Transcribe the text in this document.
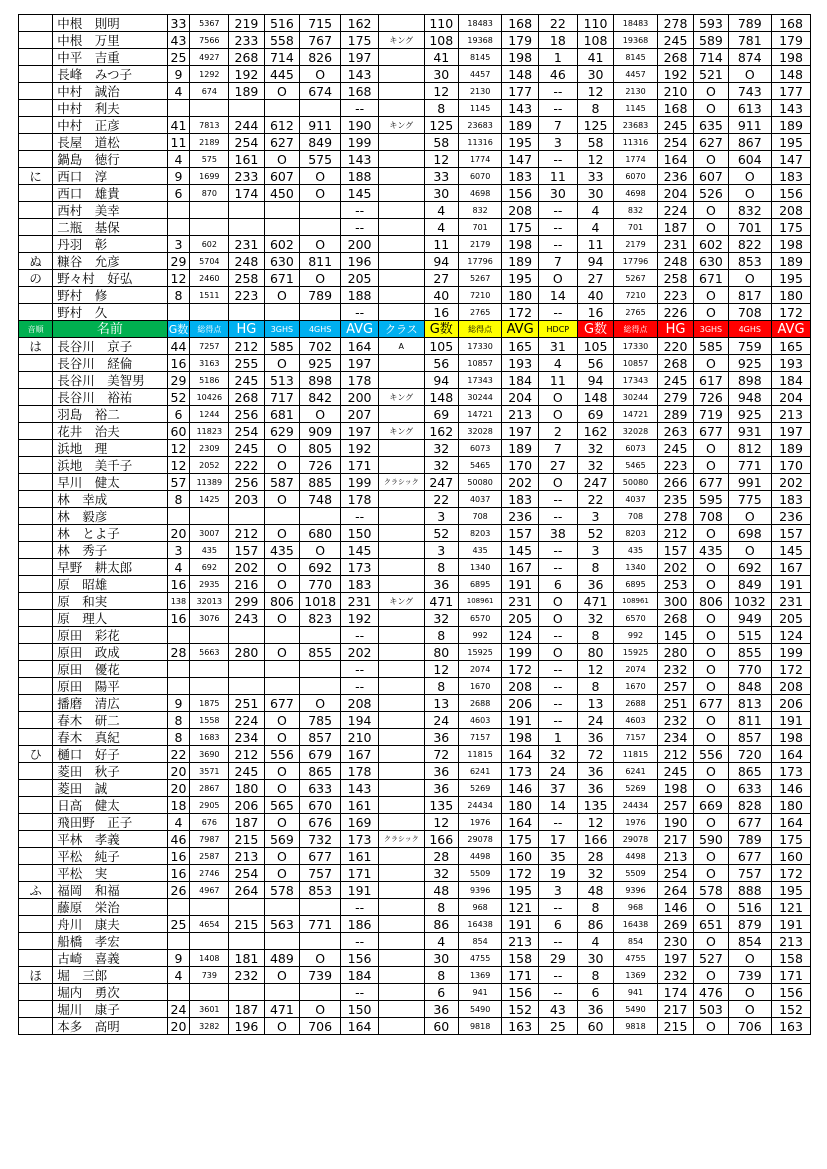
	中根　則明	33	5367	219	516	715	162		110	18483	168	22	110	18483	278	593	789	168
	中根　万里	43	7566	233	558	767	175	キング	108	19368	179	18	108	19368	245	589	781	179
	中平　吉重	25	4927	268	714	826	197		41	8145	198	1	41	8145	268	714	874	198
	長峰　みつ子	9	1292	192	445	O	143		30	4457	148	46	30	4457	192	521	O	148
	中村　誠治	4	674	189	O	674	168		12	2130	177	--	12	2130	210	O	743	177
	中村　利夫						--		8	1145	143	--	8	1145	168	O	613	143
	中村　正彦	41	7813	244	612	911	190	キング	125	23683	189	7	125	23683	245	635	911	189
	長屋　道松	11	2189	254	627	849	199		58	11316	195	3	58	11316	254	627	867	195
	鍋島　徳行	4	575	161	O	575	143		12	1774	147	--	12	1774	164	O	604	147
に	西口　淳	9	1699	233	607	O	188		33	6070	183	11	33	6070	236	607	O	183
	西口　雄貴	6	870	174	450	O	145		30	4698	156	30	30	4698	204	526	O	156
	西村　美幸						--		4	832	208	--	4	832	224	O	832	208
	二瓶　基保						--		4	701	175	--	4	701	187	O	701	175
	丹羽　彰	3	602	231	602	O	200		11	2179	198	--	11	2179	231	602	822	198
ぬ	糠谷　允彦	29	5704	248	630	811	196		94	17796	189	7	94	17796	248	630	853	189
の	野々村　好弘	12	2460	258	671	O	205		27	5267	195	O	27	5267	258	671	O	195
	野村　修	8	1511	223	O	789	188		40	7210	180	14	40	7210	223	O	817	180
	野村　久						--		16	2765	172	--	16	2765	226	O	708	172
音順	名前	G数	総得点	HG	3GHS	4GHS	AVG	クラス	G数	総得点	AVG	HDCP	G数	総得点	HG	3GHS	4GHS	AVG
は	長谷川　京子	44	7257	212	585	702	164	A	105	17330	165	31	105	17330	220	585	759	165
	長谷川　経倫	16	3163	255	O	925	197		56	10857	193	4	56	10857	268	O	925	193
	長谷川　美智男	29	5186	245	513	898	178		94	17343	184	11	94	17343	245	617	898	184
	長谷川　裕祐	52	10426	268	717	842	200	キング	148	30244	204	O	148	30244	279	726	948	204
	羽島　裕二	6	1244	256	681	O	207		69	14721	213	O	69	14721	289	719	925	213
	花井　治夫	60	11823	254	629	909	197	キング	162	32028	197	2	162	32028	263	677	931	197
	浜地　理	12	2309	245	O	805	192		32	6073	189	7	32	6073	245	O	812	189
	浜地　美千子	12	2052	222	O	726	171		32	5465	170	27	32	5465	223	O	771	170
	早川　健太	57	11389	256	587	885	199	クラシック	247	50080	202	O	247	50080	266	677	991	202
	林　幸成	8	1425	203	O	748	178		22	4037	183	--	22	4037	235	595	775	183
	林　毅彦						--		3	708	236	--	3	708	278	708	O	236
	林　とよ子	20	3007	212	O	680	150		52	8203	157	38	52	8203	212	O	698	157
	林　秀子	3	435	157	435	O	145		3	435	145	--	3	435	157	435	O	145
	早野　耕太郎	4	692	202	O	692	173		8	1340	167	--	8	1340	202	O	692	167
	原　昭雄	16	2935	216	O	770	183		36	6895	191	6	36	6895	253	O	849	191
	原　和実	138	32013	299	806	1018	231	キング	471	108961	231	O	471	108961	300	806	1032	231
	原　理人	16	3076	243	O	823	192		32	6570	205	O	32	6570	268	O	949	205
	原田　彩花						--		8	992	124	--	8	992	145	O	515	124
	原田　政成	28	5663	280	O	855	202		80	15925	199	O	80	15925	280	O	855	199
	原田　優花						--		12	2074	172	--	12	2074	232	O	770	172
	原田　陽平						--		8	1670	208	--	8	1670	257	O	848	208
	播磨　清広	9	1875	251	677	O	208		13	2688	206	--	13	2688	251	677	813	206
	春木　研二	8	1558	224	O	785	194		24	4603	191	--	24	4603	232	O	811	191
	春木　真紀	8	1683	234	O	857	210		36	7157	198	1	36	7157	234	O	857	198
ひ	樋口　好子	22	3690	212	556	679	167		72	11815	164	32	72	11815	212	556	720	164
	菱田　秋子	20	3571	245	O	865	178		36	6241	173	24	36	6241	245	O	865	173
	菱田　誠	20	2867	180	O	633	143		36	5269	146	37	36	5269	198	O	633	146
	日高　健太	18	2905	206	565	670	161		135	24434	180	14	135	24434	257	669	828	180
	飛田野　正子	4	676	187	O	676	169		12	1976	164	--	12	1976	190	O	677	164
	平林　孝義	46	7987	215	569	732	173	クラシック	166	29078	175	17	166	29078	217	590	789	175
	平松　純子	16	2587	213	O	677	161		28	4498	160	35	28	4498	213	O	677	160
	平松　実	16	2746	254	O	757	171		32	5509	172	19	32	5509	254	O	757	172
ふ	福岡　和福	26	4967	264	578	853	191		48	9396	195	3	48	9396	264	578	888	195
	藤原　栄治						--		8	968	121	--	8	968	146	O	516	121
	舟川　康夫	25	4654	215	563	771	186		86	16438	191	6	86	16438	269	651	879	191
	船橋　孝宏						--		4	854	213	--	4	854	230	O	854	213
	古崎　喜義	9	1408	181	489	O	156		30	4755	158	29	30	4755	197	527	O	158
ほ	堀　三郎	4	739	232	O	739	184		8	1369	171	--	8	1369	232	O	739	171
	堀内　勇次						--		6	941	156	--	6	941	174	476	O	156
	堀川　康子	24	3601	187	471	O	150		36	5490	152	43	36	5490	217	503	O	152
	本多　高明	20	3282	196	O	706	164		60	9818	163	25	60	9818	215	O	706	163
